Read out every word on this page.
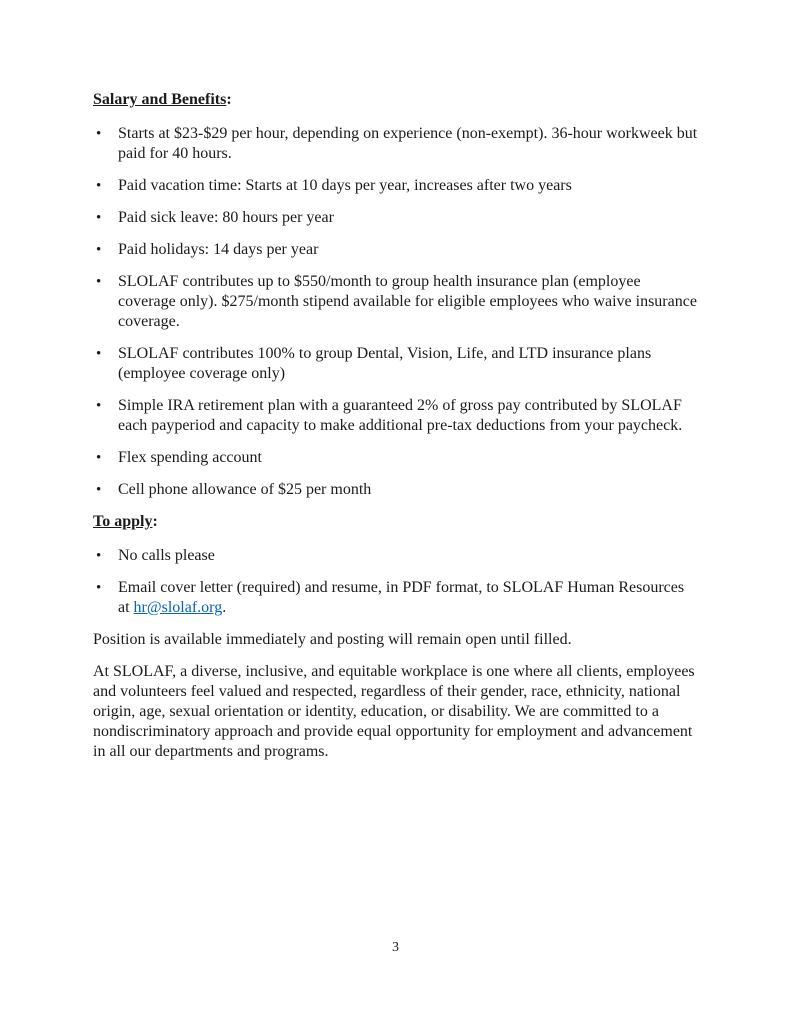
Salary and Benefits:
•	Starts at $23-$29 per hour, depending on experience (non-exempt). 36-hour workweek but paid for 40 hours.
•	Paid vacation time: Starts at 10 days per year, increases after two years
•	Paid sick leave: 80 hours per year
•	Paid holidays: 14 days per year
•	SLOLAF contributes up to $550/month to group health insurance plan (employee coverage only). $275/month stipend available for eligible employees who waive insurance coverage.
•	SLOLAF contributes 100% to group Dental, Vision, Life, and LTD insurance plans (employee coverage only)
•	Simple IRA retirement plan with a guaranteed 2% of gross pay contributed by SLOLAF each payperiod and capacity to make additional pre-tax deductions from your paycheck.
•	Flex spending account
•	Cell phone allowance of $25 per month
To apply:
•	No calls please
•	Email cover letter (required) and resume, in PDF format, to SLOLAF Human Resources at hr@slolaf.org.

Position is available immediately and posting will remain open until filled.

At SLOLAF, a diverse, inclusive, and equitable workplace is one where all clients, employees and volunteers feel valued and respected, regardless of their gender, race, ethnicity, national origin, age, sexual orientation or identity, education, or disability. We are committed to a nondiscriminatory approach and provide equal opportunity for employment and advancement in all our departments and programs.

3
